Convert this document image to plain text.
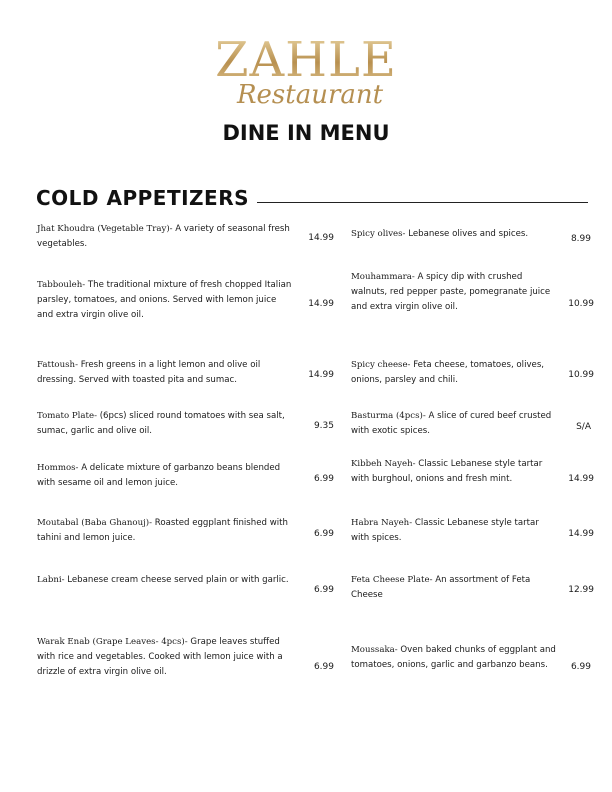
ZAHLE
Restaurant
DINE IN MENU
COLD APPETIZERS
Jhat Khoudra (Vegetable Tray)- A variety of seasonal fresh vegetables.
14.99
Tabbouleh- The traditional mixture of fresh chopped Italian parsley, tomatoes, and onions. Served with lemon juice and extra virgin olive oil.
14.99
Fattoush- Fresh greens in a light lemon and olive oil dressing. Served with toasted pita and sumac.	14.99
Tomato Plate- (6pcs) sliced round tomatoes with sea salt, sumac, garlic and olive oil.	9.35
Hommos- A delicate mixture of garbanzo beans blended with sesame oil and lemon juice.	6.99
Moutabal (Baba Ghanouj)- Roasted eggplant finished with tahini and lemon juice.	6.99
Labni- Lebanese cream cheese served plain or with garlic.
6.99
Warak Enab (Grape Leaves- 4pcs)- Grape leaves stuffed with rice and vegetables. Cooked with lemon juice with a drizzle of extra virgin olive oil.	6.99
Spicy olives- Lebanese olives and spices.	8.99
Mouhammara- A spicy dip with crushed walnuts, red pepper paste, pomegranate juice and extra virgin olive oil.	10.99
Spicy cheese- Feta cheese, tomatoes, olives, onions, parsley and chili.	10.99
Basturma (4pcs)- A slice of cured beef crusted with exotic spices.	S/A
Kibbeh Nayeh- Classic Lebanese style tartar with burghoul, onions and fresh mint.	14.99
Habra Nayeh- Classic Lebanese style tartar with spices.	14.99
Feta Cheese Plate- An assortment of Feta Cheese	12.99
Moussaka- Oven baked chunks of eggplant and tomatoes, onions, garlic and garbanzo beans.	6.99
